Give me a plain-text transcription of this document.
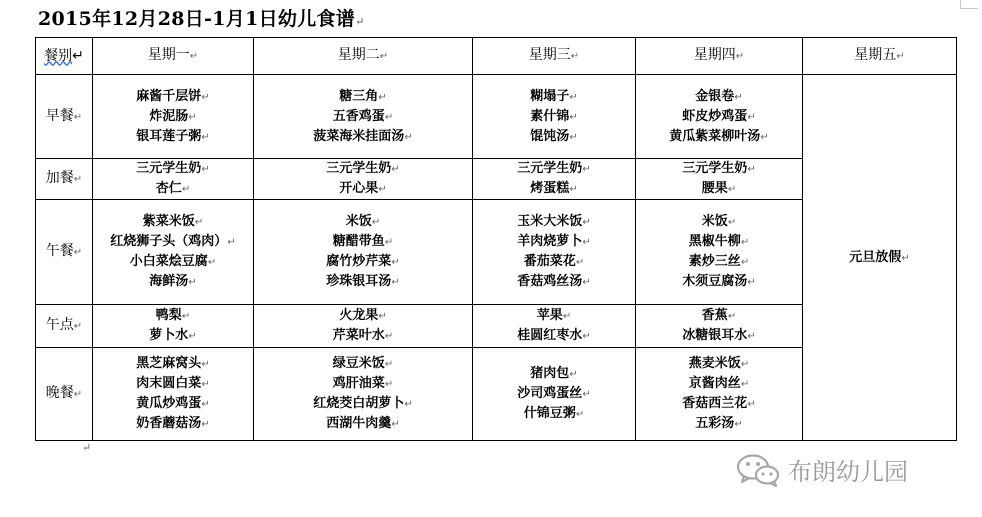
2015年12月28日-1月1日幼儿食谱↵
餐别↵	星期一↵	星期二↵	星期三↵	星期四↵	星期五↵
早餐↵	麻酱千层饼↵
炸泥肠↵
银耳莲子粥↵	糖三角↵
五香鸡蛋↵
菠菜海米挂面汤↵	糊塌子↵
素什锦↵
馄饨汤↵	金银卷↵
虾皮炒鸡蛋↵
黄瓜紫菜柳叶汤↵	元旦放假↵
加餐↵	三元学生奶↵
杏仁↵	三元学生奶↵
开心果↵	三元学生奶↵
烤蛋糕↵	三元学生奶↵
腰果↵	

午餐↵	紫菜米饭↵
红烧狮子头（鸡肉）↵
小白菜烩豆腐↵
海鲜汤↵	米饭↵
糖醋带鱼↵
腐竹炒芹菜↵
珍珠银耳汤↵	玉米大米饭↵
羊肉烧萝卜↵
番茄菜花↵
香菇鸡丝汤↵	米饭↵
黑椒牛柳↵
素炒三丝↵
木须豆腐汤↵	

午点↵	鸭梨↵
萝卜水↵	火龙果↵
芹菜叶水↵	苹果↵
桂圆红枣水↵	香蕉↵
冰糖银耳水↵	

晚餐↵	黑芝麻窝头↵
肉末圆白菜↵
黄瓜炒鸡蛋↵
奶香蘑菇汤↵	绿豆米饭↵
鸡肝油菜↵
红烧茭白胡萝卜↵
西湖牛肉羹↵	猪肉包↵
沙司鸡蛋丝↵
什锦豆粥↵	燕麦米饭↵
京酱肉丝↵
香菇西兰花↵
五彩汤↵	
↵
布朗幼儿园
